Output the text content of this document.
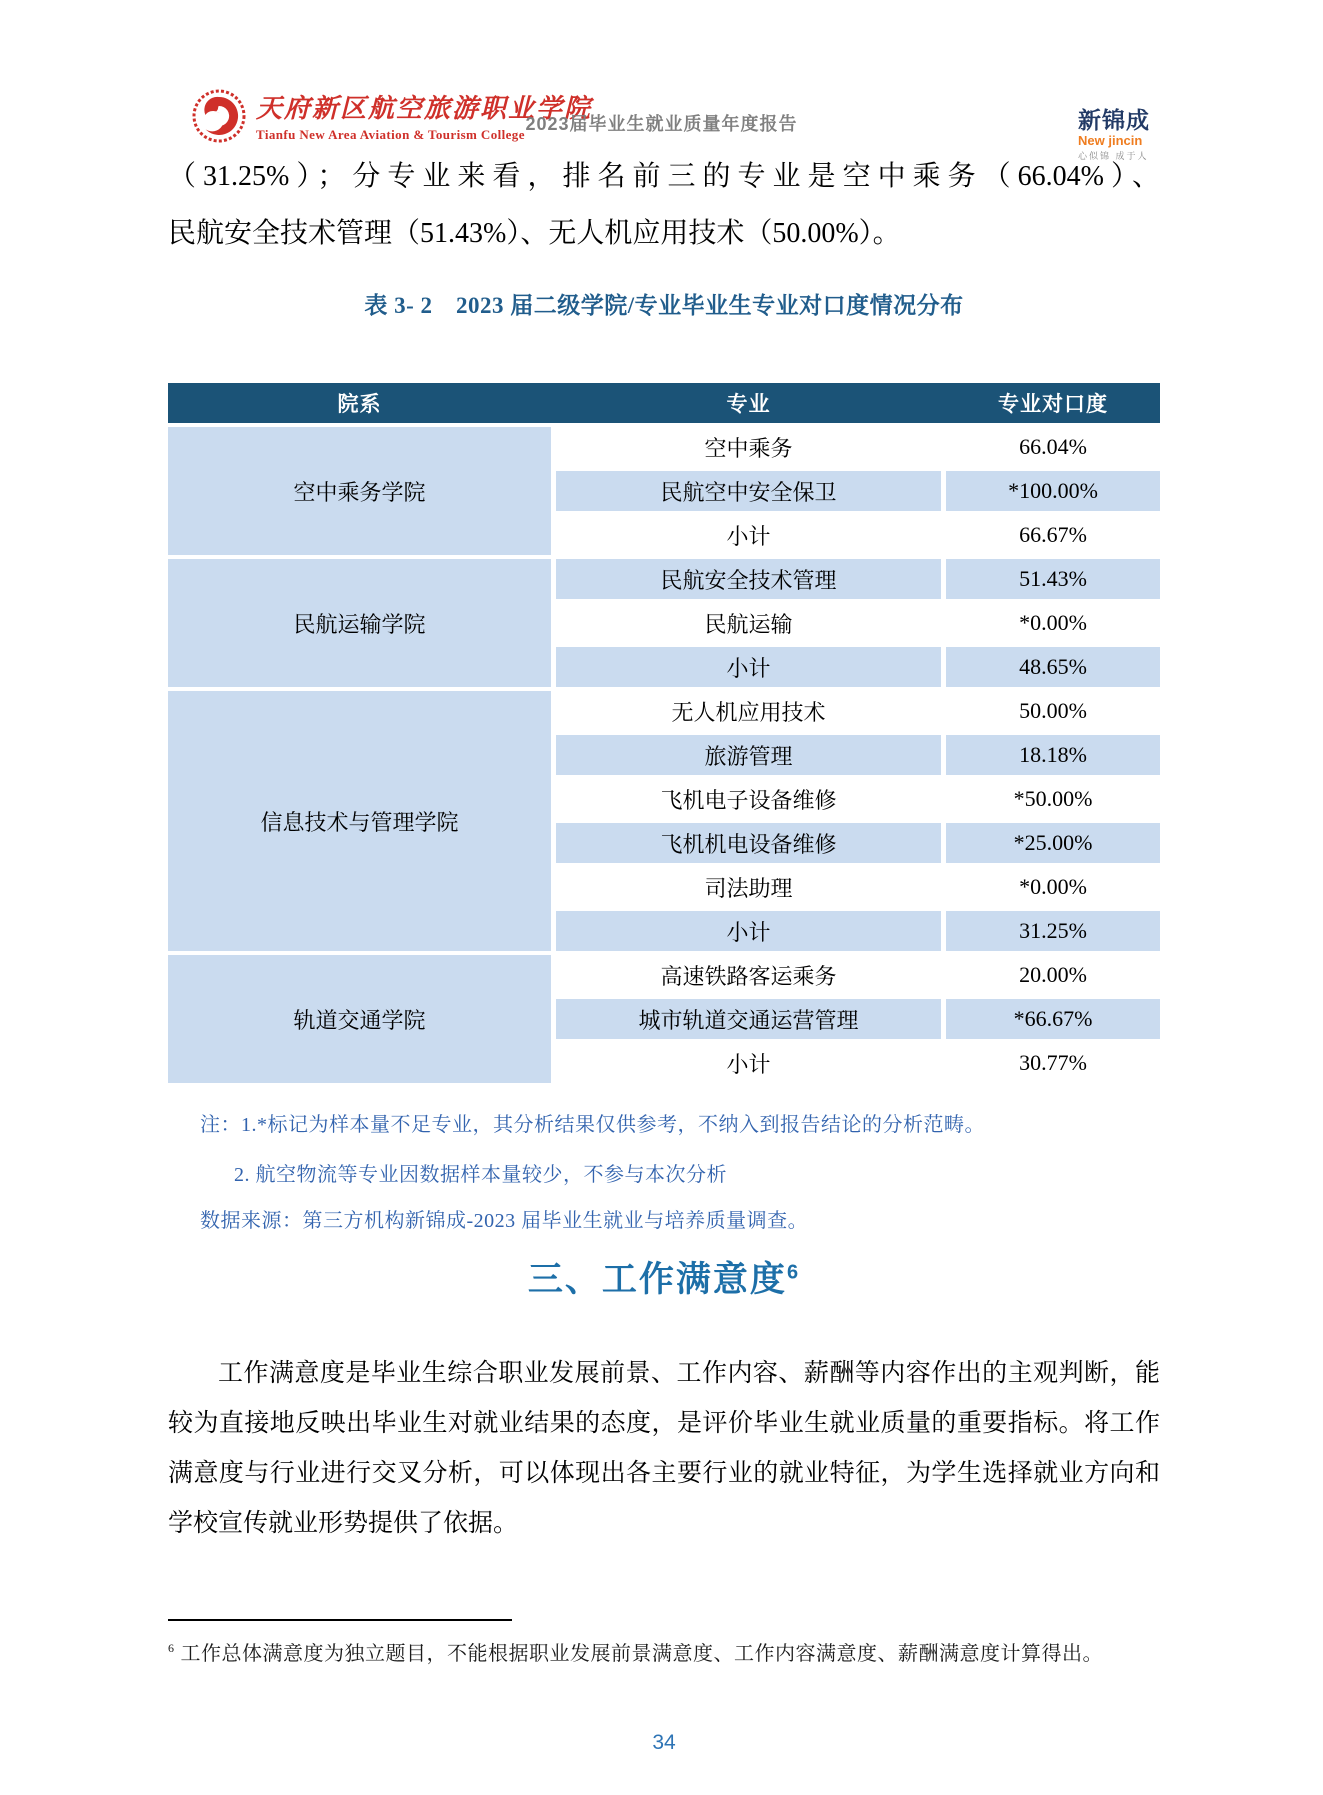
天府新区航空旅游职业学院
Tianfu New Area Aviation & Tourism College
2023届毕业生就业质量年度报告	新锦成
New jincin
心似锦 成于人
（31.25%）；分专业来看，排名前三的专业是空中乘务（66.04%）、
民航安全技术管理（51.43%）、无人机应用技术（50.00%）。
表 3- 2　2023 届二级学院/专业毕业生专业对口度情况分布
院系	专业	专业对口度
空中乘务学院
空中乘务	66.04%
民航空中安全保卫	*100.00%
小计	66.67%
民航运输学院
民航安全技术管理	51.43%
民航运输	*0.00%
小计	48.65%
信息技术与管理学院
无人机应用技术	50.00%
旅游管理	18.18%
飞机电子设备维修	*50.00%
飞机机电设备维修	*25.00%
司法助理	*0.00%
小计	31.25%
轨道交通学院
高速铁路客运乘务	20.00%
城市轨道交通运营管理	*66.67%
小计	30.77%
注：1.*标记为样本量不足专业，其分析结果仅供参考，不纳入到报告结论的分析范畴。
2. 航空物流等专业因数据样本量较少，不参与本次分析
数据来源：第三方机构新锦成-2023 届毕业生就业与培养质量调查。
三、工作满意度$^6$
工作满意度是毕业生综合职业发展前景、工作内容、薪酬等内容作出的主观判断，能较为直接地反映出毕业生对就业结果的态度，是评价毕业生就业质量的重要指标。将工作满意度与行业进行交叉分析，可以体现出各主要行业的就业特征，为学生选择就业方向和学校宣传就业形势提供了依据。
$^6$ 工作总体满意度为独立题目，不能根据职业发展前景满意度、工作内容满意度、薪酬满意度计算得出。
34
